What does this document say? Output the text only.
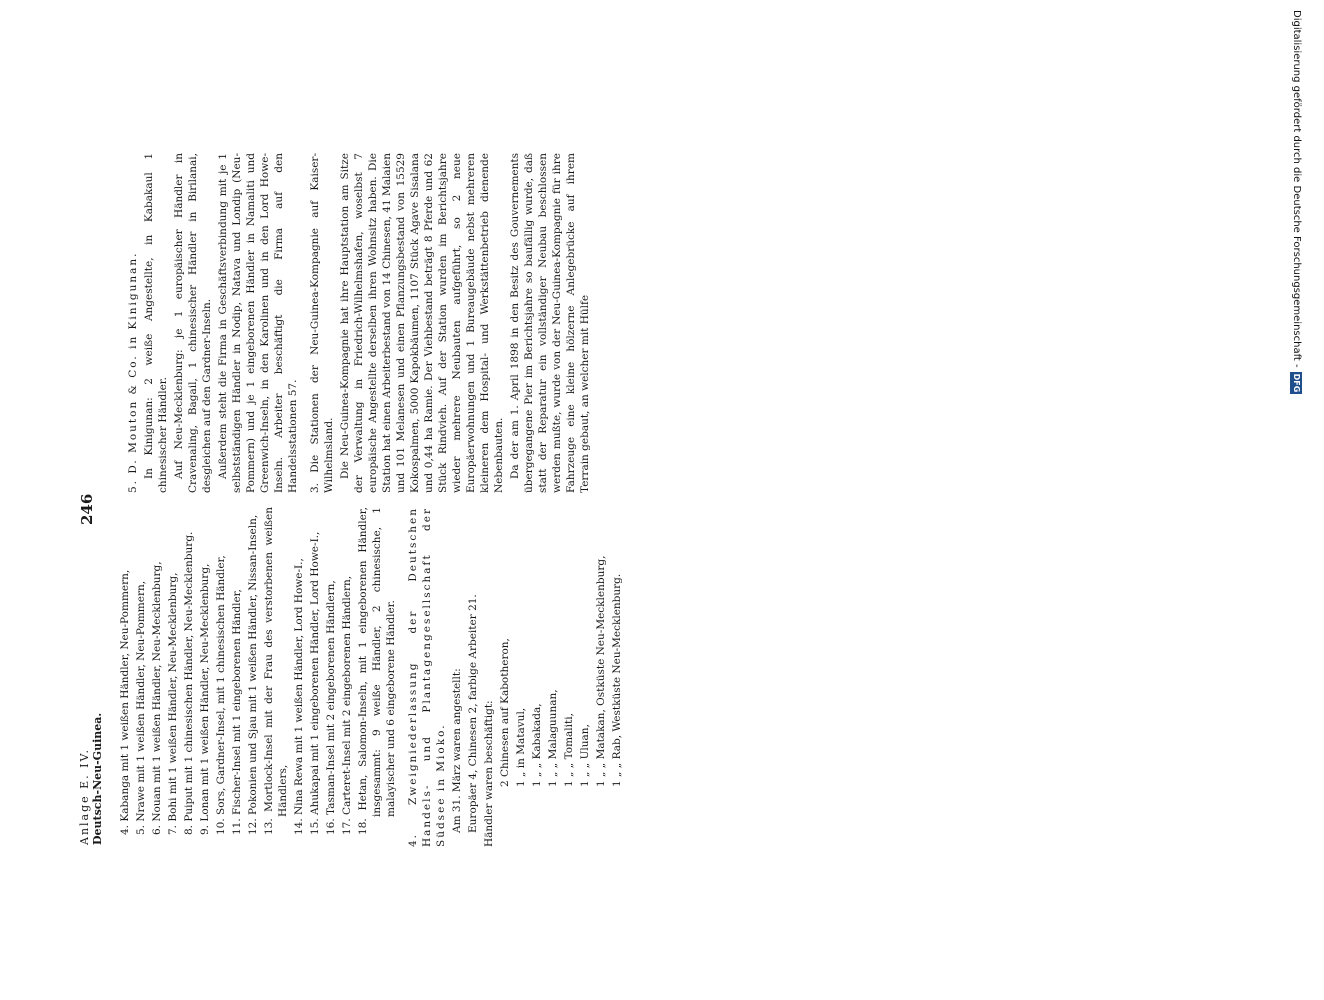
Anlage E. IV. Deutsch-Neu-Guinea.
246

4. Kabanga mit 1 weißen Händler, Neu-Pommern, 5. Nrawe mit 1 weißen Händler, Neu-Pommern, 6. Nouan mit 1 weißen Händler, Neu-Mecklenburg, 7. Bohi mit 1 weißen Händler, Neu-Mecklenburg, 8. Puiput mit 1 chinesischen Händler, Neu-Mecklenburg. 9. Lonan mit 1 weißen Händler, Neu-Mecklenburg, 10. Sors, Gardner-Insel, mit 1 chinesischen Händler, 11. Fischer-Insel mit 1 eingeborenen Händler, 12. Pokonien und Sjau mit 1 weißen Händler, Nissan-Inseln, 13. Mortlock-Insel mit der Frau des verstorbenen weißen Händlers, 14. Nina Rewa mit 1 weißen Händler, Lord Howe-I., 15. Ahukapai mit 1 eingeborenen Händler, Lord Howe-I., 16. Tasman-Insel mit 2 eingeborenen Händlern, 17. Carteret-Insel mit 2 eingeborenen Händlern, 18. Hetan, Salomon-Inseln, mit 1 eingeborenen Händler, insgesammt: 9 weiße Händler, 2 chinesische, 1 malayischer und 6 eingeborene Händler. 4. Zweigniederlassung der Deutschen Handels- und Plantagengesellschaft der Südsee in Mioko. Am 31. März waren angestellt: Europäer 4, Chinesen 2, farbige Arbeiter 21. Händler waren beschäftigt: 2 Chinesen auf Kabotheron, 1 „ in Matavul, 1 „ „ Kabakada, 1 „ „ Malaguunan, 1 „ „ Tomaliti, 1 „ „ Uluan, 1 „ „ Matakan, Ostküste Neu-Mecklenburg, 1 „ „ Rab, Westküste Neu-Mecklenburg.

5. D. Mouton & Co. in Kinigunan. In Kinigunan: 2 weiße Angestellte, in Kabakaul 1 chinesischer Händler. Auf Neu-Mecklenburg: je 1 europäischer Händler in Cravenaling, Bagail, 1 chinesischer Händler in Birilanai, desgleichen auf den Gardner-Inseln. Außerdem steht die Firma in Geschäftsverbindung mit je 1 selbstständigen Händler in Nodip, Natava und Londip (Neu-Pommern) und je 1 eingeborenen Händler in Namaliti und Greenwich-Inseln, in den Karolinen und in den Lord Howe-Inseln. Arbeiter beschäftigt die Firma auf den Handelsstationen 57. 3. Die Stationen der Neu-Guinea-Kompagnie auf Kaiser-Wilhelmsland. Die Neu-Guinea-Kompagnie hat ihre Hauptstation am Sitze der Verwaltung in Friedrich-Wilhelmshafen, woselbst 7 europäische Angestellte derselben ihren Wohnsitz haben. Die Station hat einen Arbeiterbestand von 14 Chinesen, 41 Malaien und 101 Melanesen und einen Pflanzungsbestand von 15529 Kokospalmen, 5000 Kapokbäumen, 1107 Stück Agave Sisalana und 0,44 ha Ramie. Der Viehbestand beträgt 8 Pferde und 62 Stück Rindvieh. Auf der Station wurden im Berichtsjahre wieder mehrere Neubauten aufgeführt, so 2 neue Europäerwohnungen und 1 Bureaugebäude nebst mehreren kleineren dem Hospital- und Werkstättenbetrieb dienende Nebenbauten. Da der am 1. April 1898 in den Besitz des Gouvernements übergegangene Pier im Berichtsjahre so baufällig wurde, daß statt der Reparatur ein vollständiger Neubau beschlossen werden mußte, wurde von der Neu-Guinea-Kompagnie für ihre Fahrzeuge eine kleine hölzerne Anlegebrücke auf ihrem Terrain gebaut, an welcher mit Hülfe

Digitalisierung gefördert durch die Deutsche Forschungsgemeinschaft -
DFG
